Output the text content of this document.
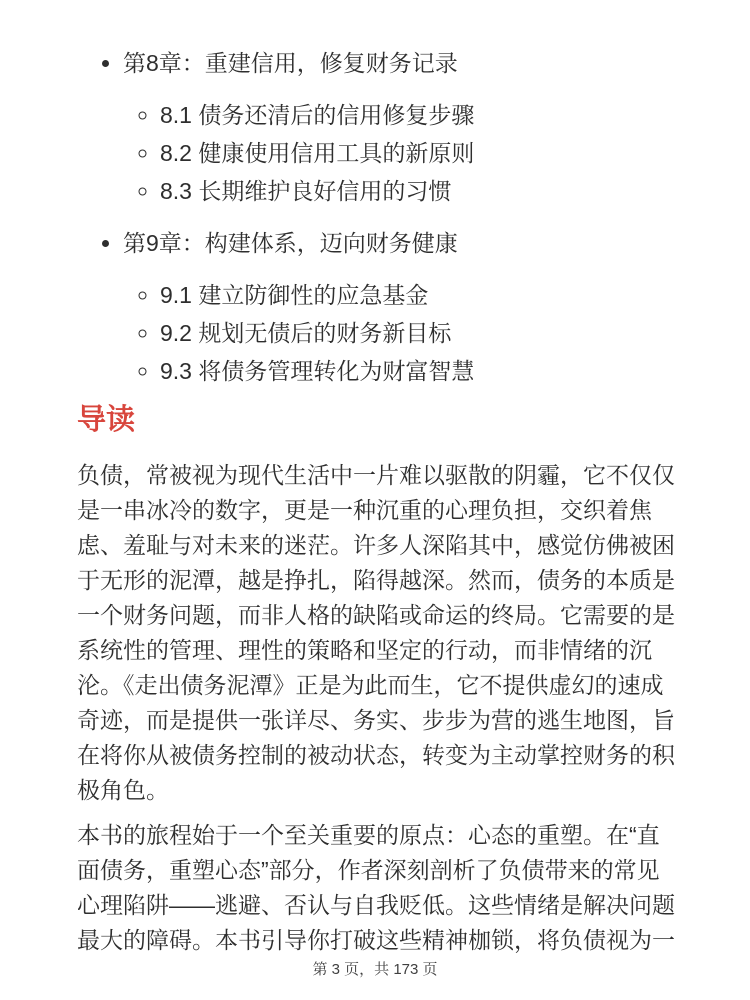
• 第8章：重建信用，修复财务记录
◦ 8.1 债务还清后的信用修复步骤
◦ 8.2 健康使用信用工具的新原则
◦ 8.3 长期维护良好信用的习惯
• 第9章：构建体系，迈向财务健康
◦ 9.1 建立防御性的应急基金
◦ 9.2 规划无债后的财务新目标
◦ 9.3 将债务管理转化为财富智慧
导读

负债，常被视为现代生活中一片难以驱散的阴霾，它不仅仅是一串冰冷的数字，更是一种沉重的心理负担，交织着焦虑、羞耻与对未来的迷茫。许多人深陷其中，感觉仿佛被困于无形的泥潭，越是挣扎，陷得越深。然而，债务的本质是一个财务问题，而非人格的缺陷或命运的终局。它需要的是系统性的管理、理性的策略和坚定的行动，而非情绪的沉沦。《走出债务泥潭》正是为此而生，它不提供虚幻的速成奇迹，而是提供一张详尽、务实、步步为营的逃生地图，旨在将你从被债务控制的被动状态，转变为主动掌控财务的积极角色。

本书的旅程始于一个至关重要的原点：心态的重塑。在“直面债务，重塑心态”部分，作者深刻剖析了负债带来的常见心理陷阱——逃避、否认与自我贬低。这些情绪是解决问题最大的障碍。本书引导你打破这些精神枷锁，将负债视为一

第 3 页，共 173 页
